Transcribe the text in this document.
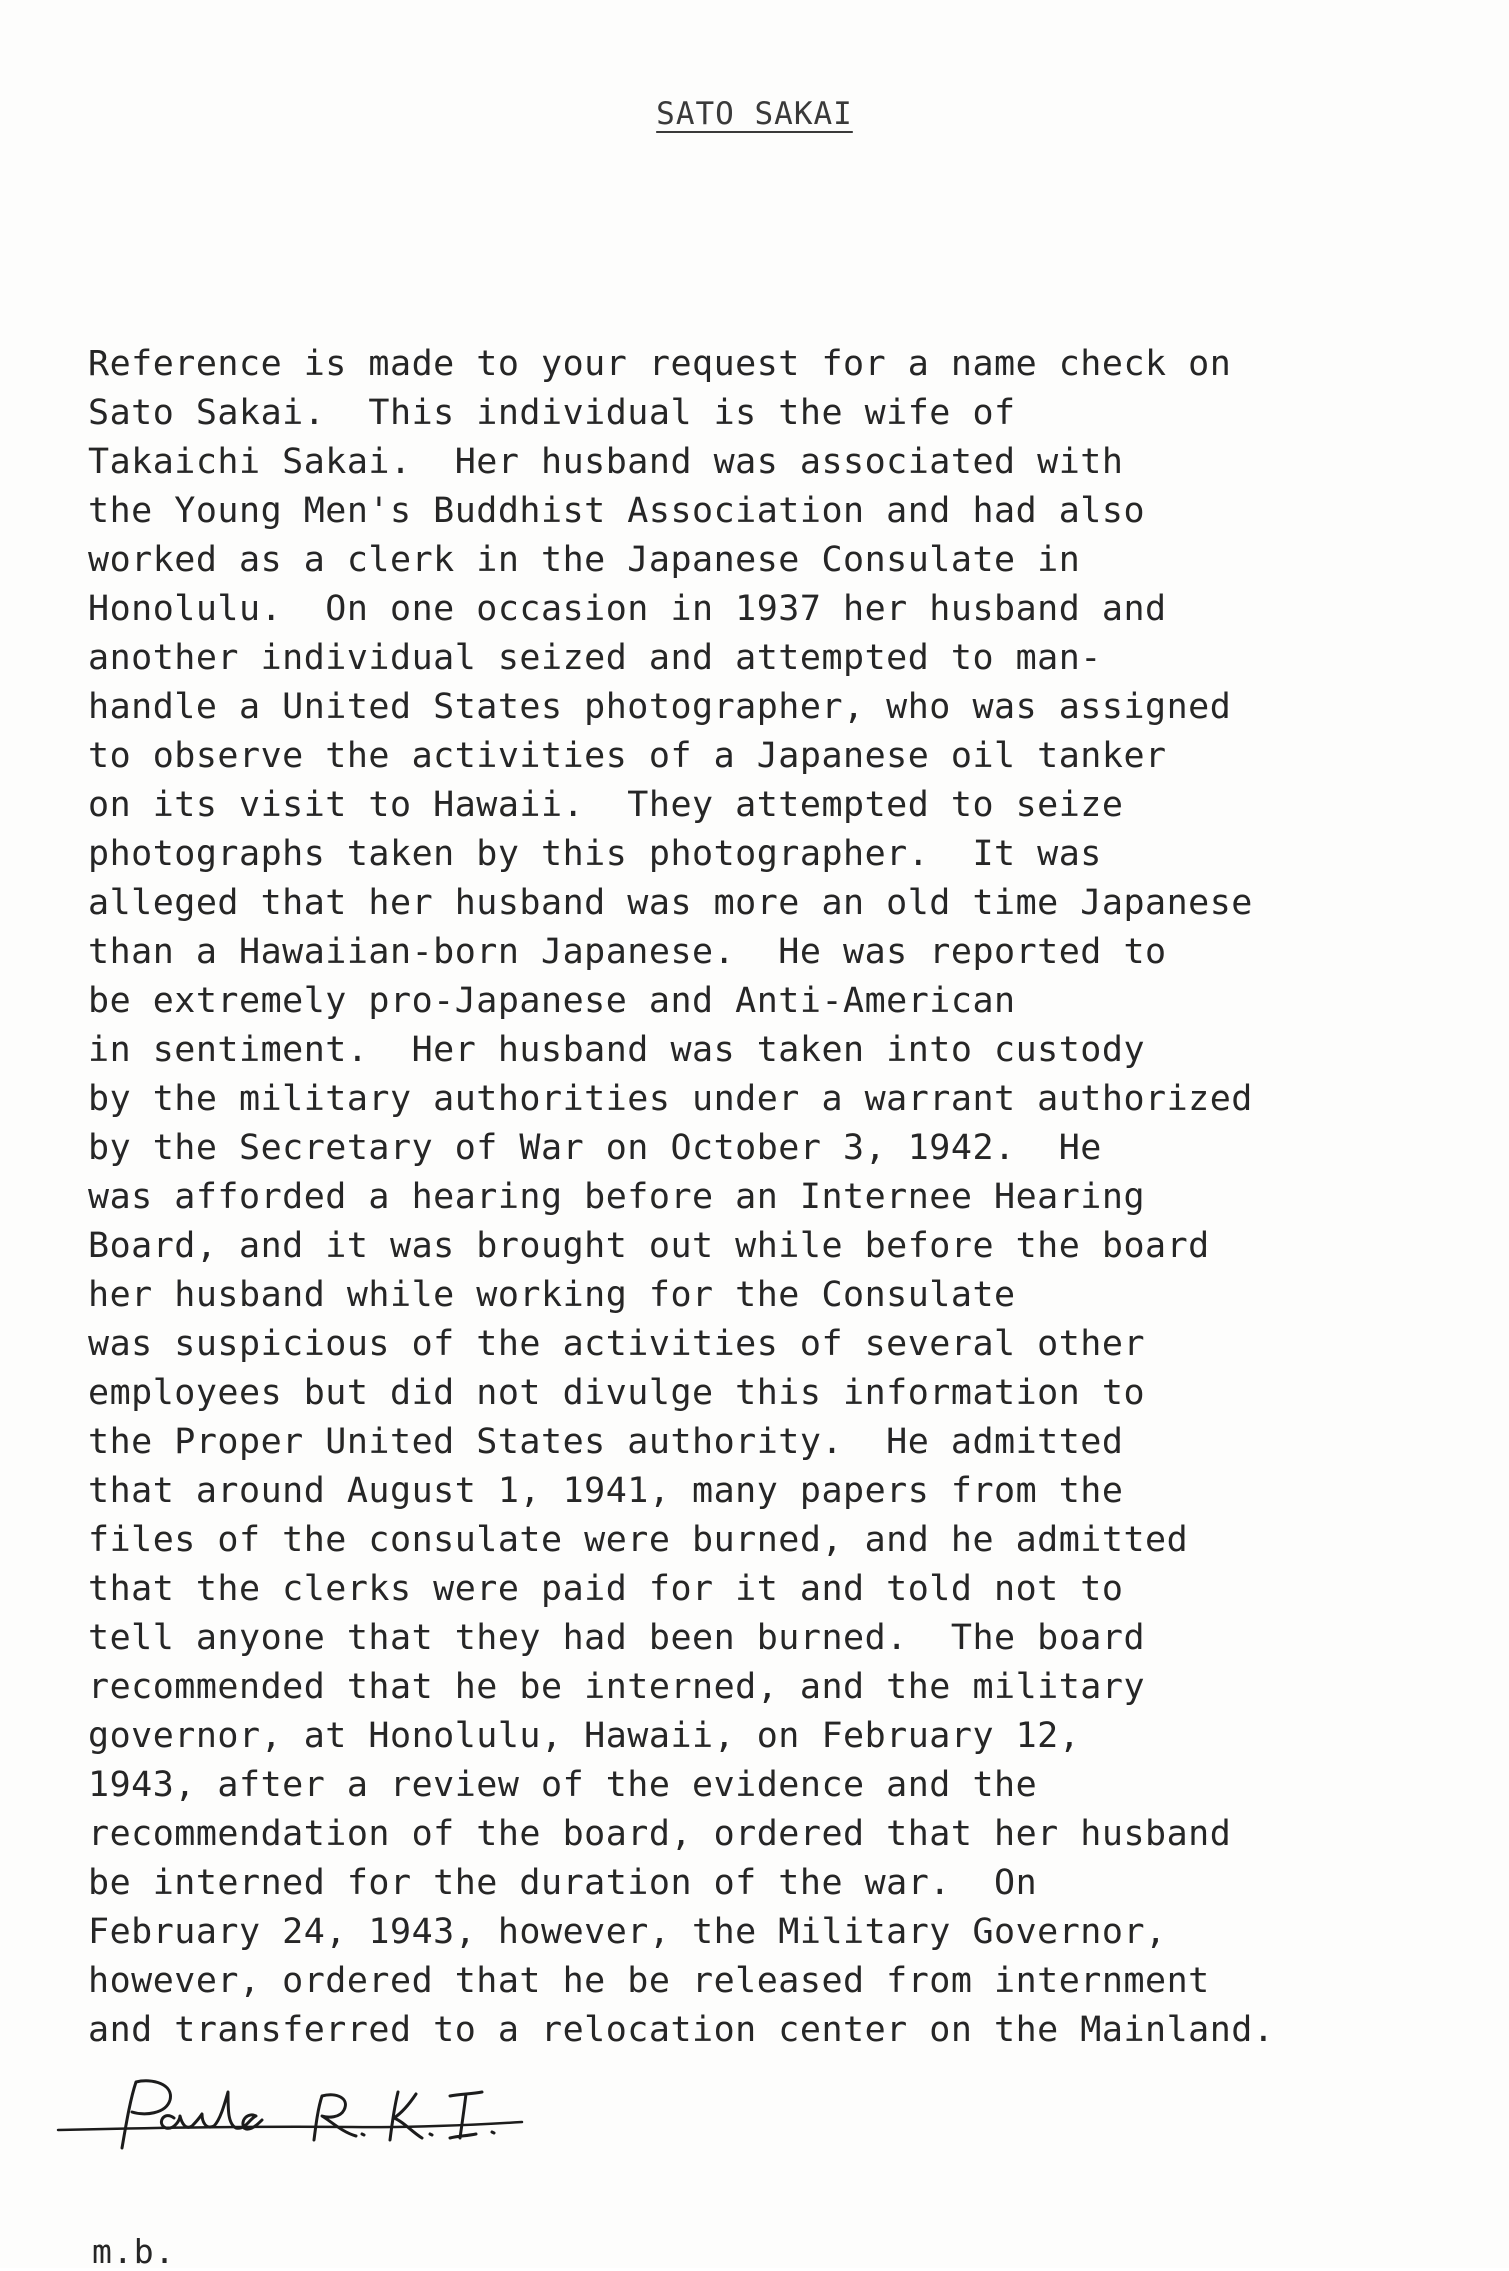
SATO SAKAI
Reference is made to your request for a name check on
Sato Sakai.  This individual is the wife of
Takaichi Sakai.  Her husband was associated with
the Young Men's Buddhist Association and had also
worked as a clerk in the Japanese Consulate in
Honolulu.  On one occasion in 1937 her husband and
another individual seized and attempted to man-
handle a United States photographer, who was assigned
to observe the activities of a Japanese oil tanker
on its visit to Hawaii.  They attempted to seize
photographs taken by this photographer.  It was
alleged that her husband was more an old time Japanese
than a Hawaiian-born Japanese.  He was reported to
be extremely pro-Japanese and Anti-American
in sentiment.  Her husband was taken into custody
by the military authorities under a warrant authorized
by the Secretary of War on October 3, 1942.  He
was afforded a hearing before an Internee Hearing
Board, and it was brought out while before the board
her husband while working for the Consulate
was suspicious of the activities of several other
employees but did not divulge this information to
the Proper United States authority.  He admitted
that around August 1, 1941, many papers from the
files of the consulate were burned, and he admitted
that the clerks were paid for it and told not to
tell anyone that they had been burned.  The board
recommended that he be interned, and the military
governor, at Honolulu, Hawaii, on February 12,
1943, after a review of the evidence and the
recommendation of the board, ordered that her husband
be interned for the duration of the war.  On
February 24, 1943, however, the Military Governor,
however, ordered that he be released from internment
and transferred to a relocation center on the Mainland.
m.b.
